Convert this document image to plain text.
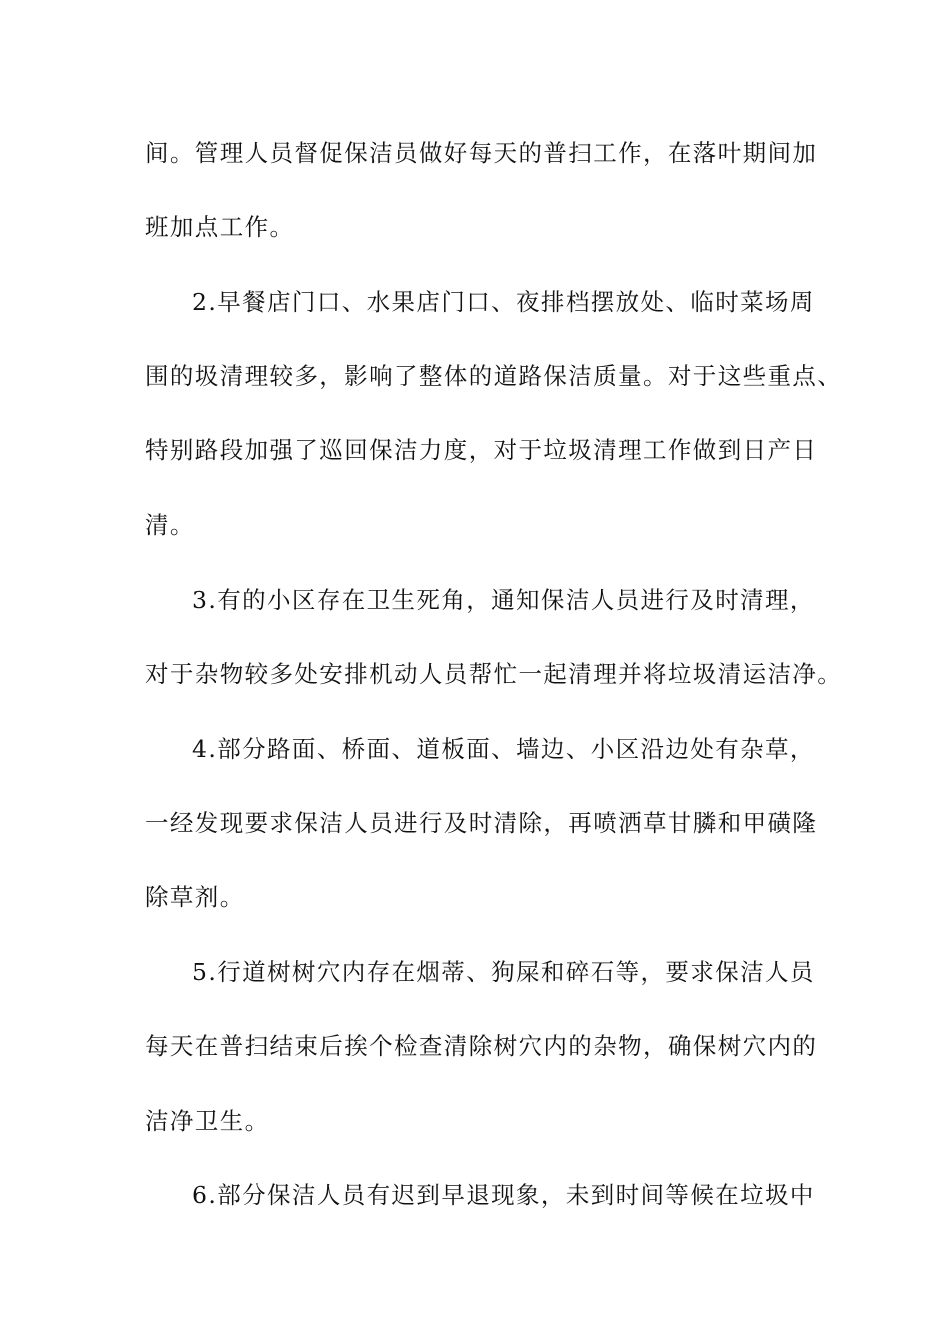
间。管理人员督促保洁员做好每天的普扫工作，在落叶期间加
班加点工作。
2.早餐店门口、水果店门口、夜排档摆放处、临时菜场周
围的圾清理较多，影响了整体的道路保洁质量。对于这些重点、
特别路段加强了巡回保洁力度，对于垃圾清理工作做到日产日
清。
3.有的小区存在卫生死角，通知保洁人员进行及时清理，
对于杂物较多处安排机动人员帮忙一起清理并将垃圾清运洁净。
4.部分路面、桥面、道板面、墙边、小区沿边处有杂草，
一经发现要求保洁人员进行及时清除，再喷洒草甘膦和甲磺隆
除草剂。
5.行道树树穴内存在烟蒂、狗屎和碎石等，要求保洁人员
每天在普扫结束后挨个检查清除树穴内的杂物，确保树穴内的
洁净卫生。
6.部分保洁人员有迟到早退现象，未到时间等候在垃圾中
